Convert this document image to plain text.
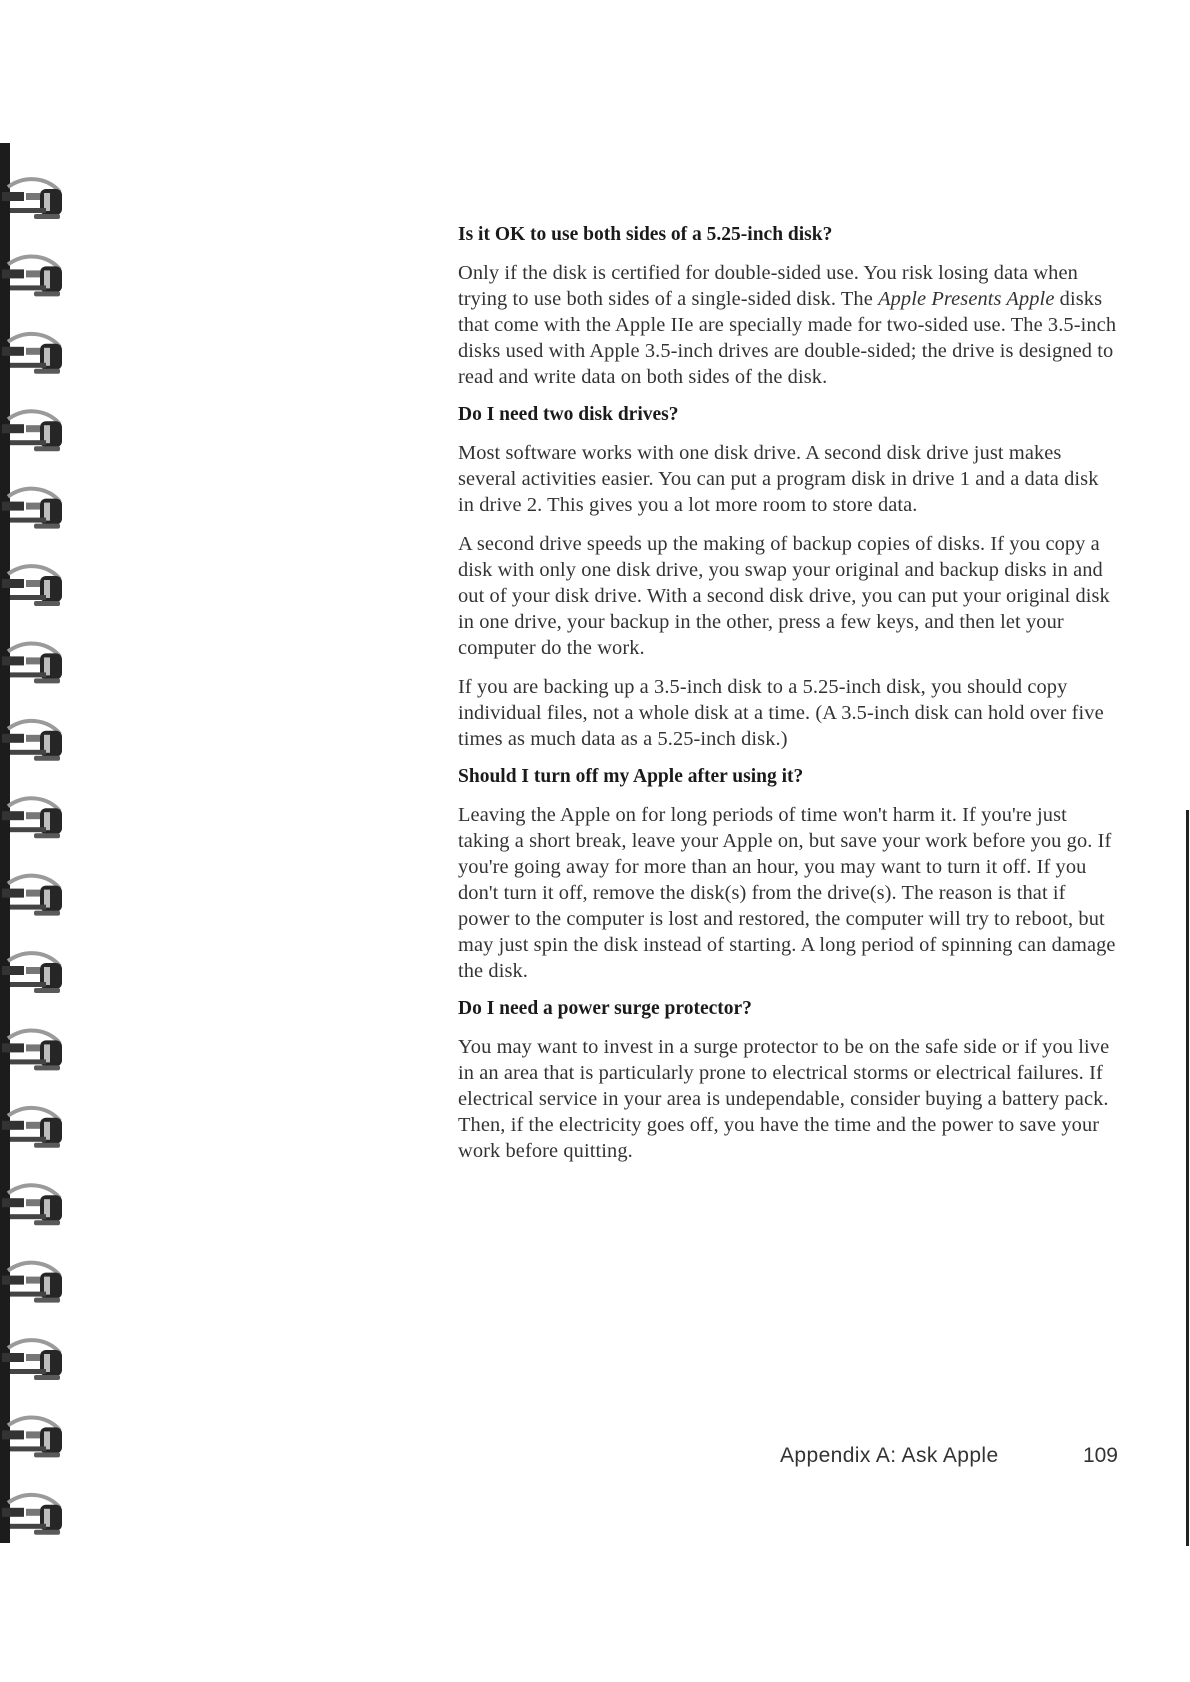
Is it OK to use both sides of a 5.25-inch disk?

Only if the disk is certified for double-sided use. You risk losing data when trying to use both sides of a single-sided disk. The Apple Presents Apple disks that come with the Apple IIe are specially made for two-sided use. The 3.5-inch disks used with Apple 3.5-inch drives are double-sided; the drive is designed to read and write data on both sides of the disk.

Do I need two disk drives?

Most software works with one disk drive. A second disk drive just makes several activities easier. You can put a program disk in drive 1 and a data disk in drive 2. This gives you a lot more room to store data.

A second drive speeds up the making of backup copies of disks. If you copy a disk with only one disk drive, you swap your original and backup disks in and out of your disk drive. With a second disk drive, you can put your original disk in one drive, your backup in the other, press a few keys, and then let your computer do the work.

If you are backing up a 3.5-inch disk to a 5.25-inch disk, you should copy individual files, not a whole disk at a time. (A 3.5-inch disk can hold over five times as much data as a 5.25-inch disk.)

Should I turn off my Apple after using it?

Leaving the Apple on for long periods of time won't harm it. If you're just taking a short break, leave your Apple on, but save your work before you go. If you're going away for more than an hour, you may want to turn it off. If you don't turn it off, remove the disk(s) from the drive(s). The reason is that if power to the computer is lost and restored, the computer will try to reboot, but may just spin the disk instead of starting. A long period of spinning can damage the disk.

Do I need a power surge protector?

You may want to invest in a surge protector to be on the safe side or if you live in an area that is particularly prone to electrical storms or electrical failures. If electrical service in your area is undependable, consider buying a battery pack. Then, if the electricity goes off, you have the time and the power to save your work before quitting.

Appendix A: Ask Apple	109
